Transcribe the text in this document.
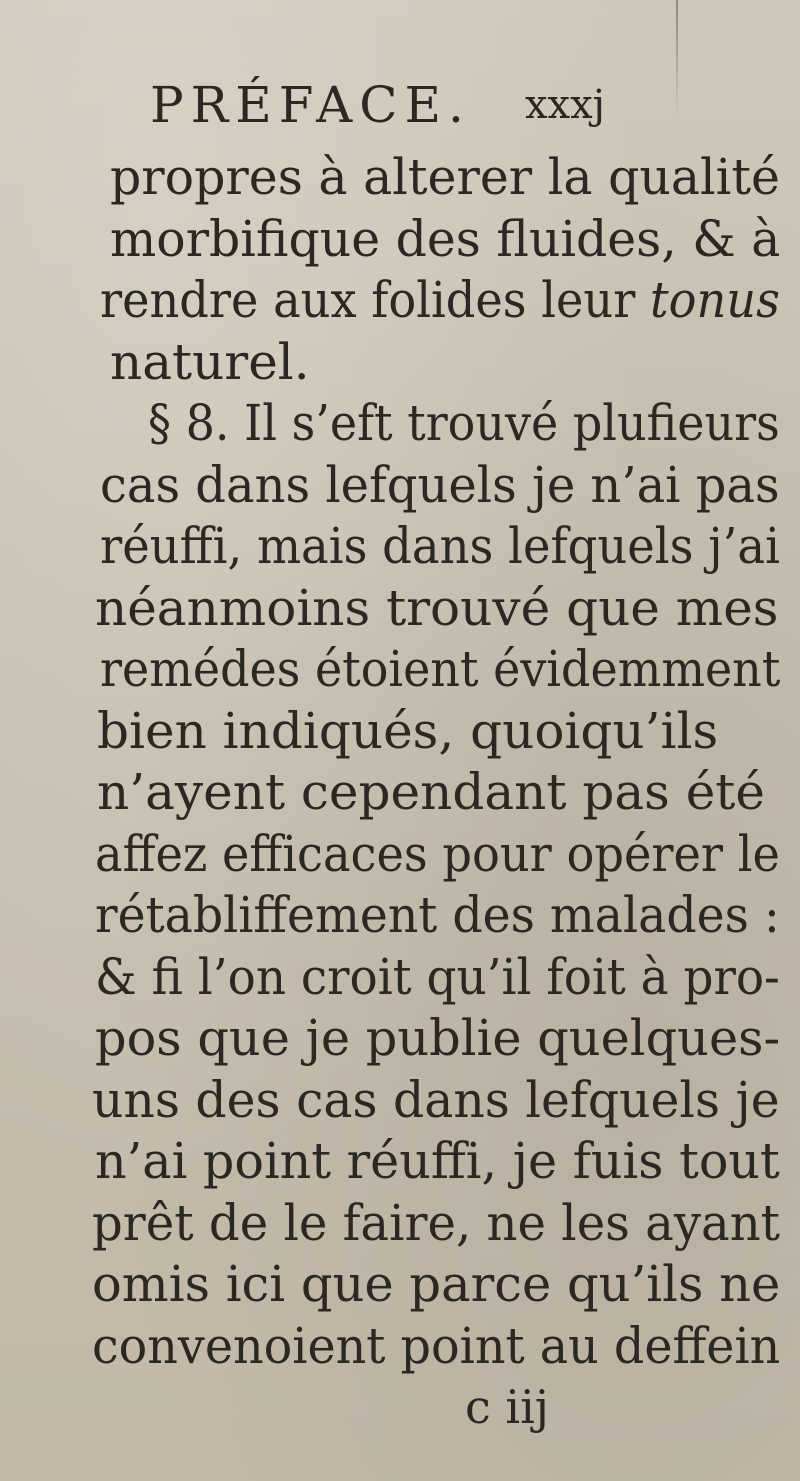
PRÉFACE. xxxj
propres à alterer la qualité
morbifique des fluides, & à
rendre aux folides leur tonus
naturel.
§ 8. Il s’eft trouvé plufieurs
cas dans lefquels je n’ai pas
réuffi, mais dans lefquels j’ai
néanmoins trouvé que mes
remédes étoient évidemment
bien indiqués, quoiqu’ils
n’ayent cependant pas été
affez efficaces pour opérer le
rétabliffement des malades :
& fi l’on croit qu’il foit à pro-
pos que je publie quelques-
uns des cas dans lefquels je
n’ai point réuffi, je fuis tout
prêt de le faire, ne les ayant
omis ici que parce qu’ils ne
convenoient point au deffein
c iij
